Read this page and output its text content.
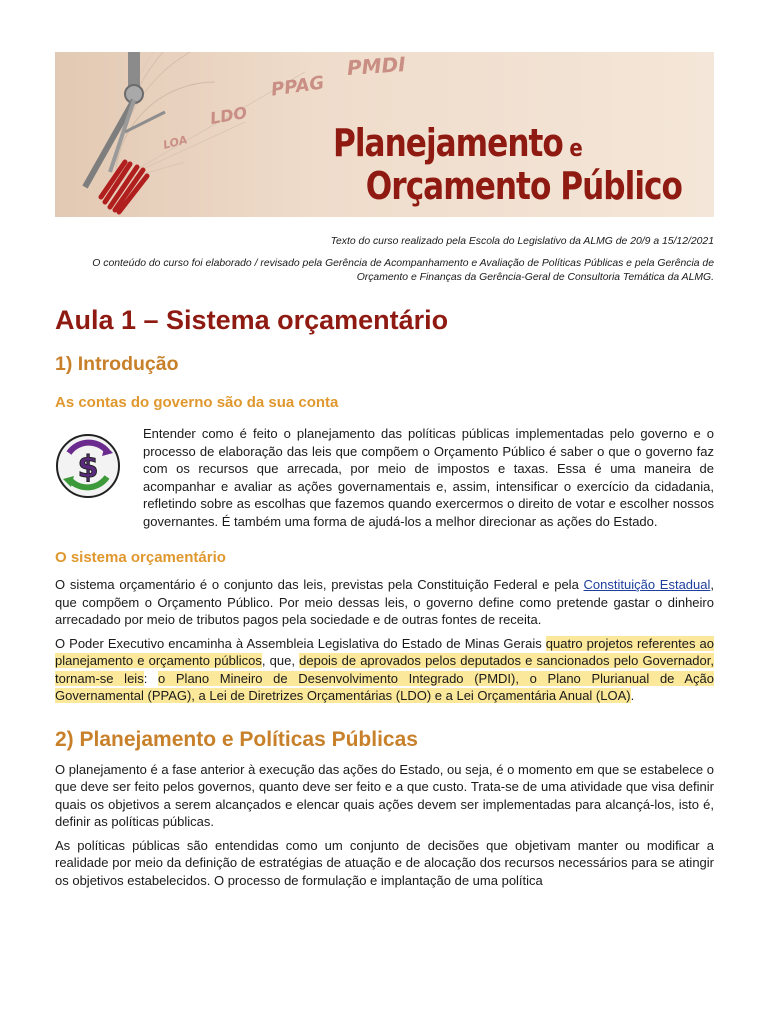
PMDI
PPAG
LDO
LOA	Planejamento e
Orçamento Público

Texto do curso realizado pela Escola do Legislativo da ALMG de 20/9 a 15/12/2021

O conteúdo do curso foi elaborado / revisado pela Gerência de Acompanhamento e Avaliação de Políticas Públicas e pela Gerência de Orçamento e Finanças da Gerência-Geral de Consultoria Temática da ALMG.

Aula 1 – Sistema orçamentário
1) Introdução
As contas do governo são da sua conta
$

Entender como é feito o planejamento das políticas públicas implementadas pelo governo e o processo de elaboração das leis que compõem o Orçamento Público é saber o que o governo faz com os recursos que arrecada, por meio de impostos e taxas. Essa é uma maneira de acompanhar e avaliar as ações governamentais e, assim, intensificar o exercício da cidadania, refletindo sobre as escolhas que fazemos quando exercermos o direito de votar e escolher nossos governantes. É também uma forma de ajudá-los a melhor direcionar as ações do Estado.

O sistema orçamentário

O sistema orçamentário é o conjunto das leis, previstas pela Constituição Federal e pela Constituição Estadual, que compõem o Orçamento Público. Por meio dessas leis, o governo define como pretende gastar o dinheiro arrecadado por meio de tributos pagos pela sociedade e de outras fontes de receita.

O Poder Executivo encaminha à Assembleia Legislativa do Estado de Minas Gerais quatro projetos referentes ao planejamento e orçamento públicos, que, depois de aprovados pelos deputados e sancionados pelo Governador, tornam-se leis: o Plano Mineiro de Desenvolvimento Integrado (PMDI), o Plano Plurianual de Ação Governamental (PPAG), a Lei de Diretrizes Orçamentárias (LDO) e a Lei Orçamentária Anual (LOA).

2) Planejamento e Políticas Públicas

O planejamento é a fase anterior à execução das ações do Estado, ou seja, é o momento em que se estabelece o que deve ser feito pelos governos, quanto deve ser feito e a que custo. Trata-se de uma atividade que visa definir quais os objetivos a serem alcançados e elencar quais ações devem ser implementadas para alcançá-los, isto é, definir as políticas públicas.

As políticas públicas são entendidas como um conjunto de decisões que objetivam manter ou modificar a realidade por meio da definição de estratégias de atuação e de alocação dos recursos necessários para se atingir os objetivos estabelecidos. O processo de formulação e implantação de uma política
